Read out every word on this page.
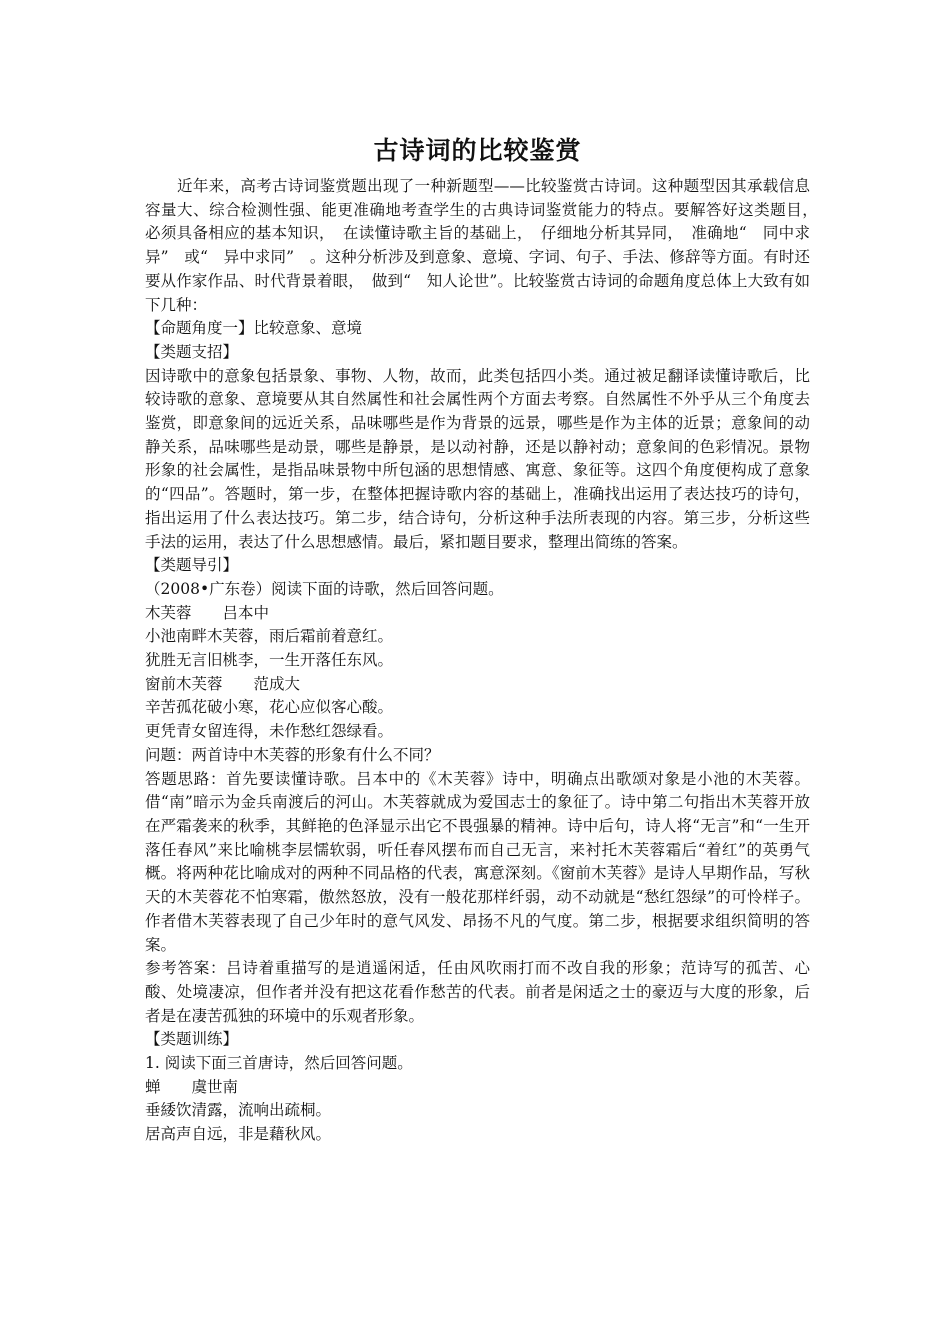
古诗词的比较鉴赏

近年来，高考古诗词鉴赏题出现了一种新题型——比较鉴赏古诗词。这种题型因其承载信息容量大、综合检测性强、能更准确地考查学生的古典诗词鉴赏能力的特点。要解答好这类题目，　必须具备相应的基本知识，　在读懂诗歌主旨的基础上，　仔细地分析其异同，　准确地“　同中求异”　或“　异中求同”　。这种分析涉及到意象、意境、字词、句子、手法、修辞等方面。有时还要从作家作品、时代背景着眼，　做到“　知人论世”。比较鉴赏古诗词的命题角度总体上大致有如下几种：

【命题角度一】比较意象、意境

【类题支招】

因诗歌中的意象包括景象、事物、人物，故而，此类包括四小类。通过被足翻译读懂诗歌后，比较诗歌的意象、意境要从其自然属性和社会属性两个方面去考察。自然属性不外乎从三个角度去鉴赏，即意象间的远近关系，品味哪些是作为背景的远景，哪些是作为主体的近景；意象间的动静关系，品味哪些是动景，哪些是静景，是以动衬静，还是以静衬动；意象间的色彩情况。景物形象的社会属性，是指品味景物中所包涵的思想情感、寓意、象征等。这四个角度便构成了意象的“四品”。答题时，第一步，在整体把握诗歌内容的基础上，准确找出运用了表达技巧的诗句，指出运用了什么表达技巧。第二步，结合诗句，分析这种手法所表现的内容。第三步，分析这些手法的运用，表达了什么思想感情。最后，紧扣题目要求，整理出简练的答案。

【类题导引】

（2008•广东卷）阅读下面的诗歌，然后回答问题。

木芙蓉　　吕本中

小池南畔木芙蓉，雨后霜前着意红。

犹胜无言旧桃李，一生开落任东风。

窗前木芙蓉　　范成大

辛苦孤花破小寒，花心应似客心酸。

更凭青女留连得，未作愁红怨绿看。

问题：两首诗中木芙蓉的形象有什么不同？

答题思路：首先要读懂诗歌。吕本中的《木芙蓉》诗中，明确点出歌颂对象是小池的木芙蓉。借“南”暗示为金兵南渡后的河山。木芙蓉就成为爱国志士的象征了。诗中第二句指出木芙蓉开放在严霜袭来的秋季，其鲜艳的色泽显示出它不畏强暴的精神。诗中后句，诗人将“无言”和“一生开落任春风”来比喻桃李层懦软弱，听任春风摆布而自己无言，来衬托木芙蓉霜后“着红”的英勇气概。将两种花比喻成对的两种不同品格的代表，寓意深刻。《窗前木芙蓉》是诗人早期作品，写秋天的木芙蓉花不怕寒霜，傲然怒放，没有一般花那样纤弱，动不动就是“愁红怨绿”的可怜样子。作者借木芙蓉表现了自己少年时的意气风发、昂扬不凡的气度。第二步，根据要求组织简明的答案。

参考答案：吕诗着重描写的是逍遥闲适，任由风吹雨打而不改自我的形象；范诗写的孤苦、心酸、处境凄凉，但作者并没有把这花看作愁苦的代表。前者是闲适之士的豪迈与大度的形象，后者是在凄苦孤独的环境中的乐观者形象。

【类题训练】

1. 阅读下面三首唐诗，然后回答问题。

蝉　　虞世南

垂緌饮清露，流响出疏桐。

居高声自远，非是藉秋风。
